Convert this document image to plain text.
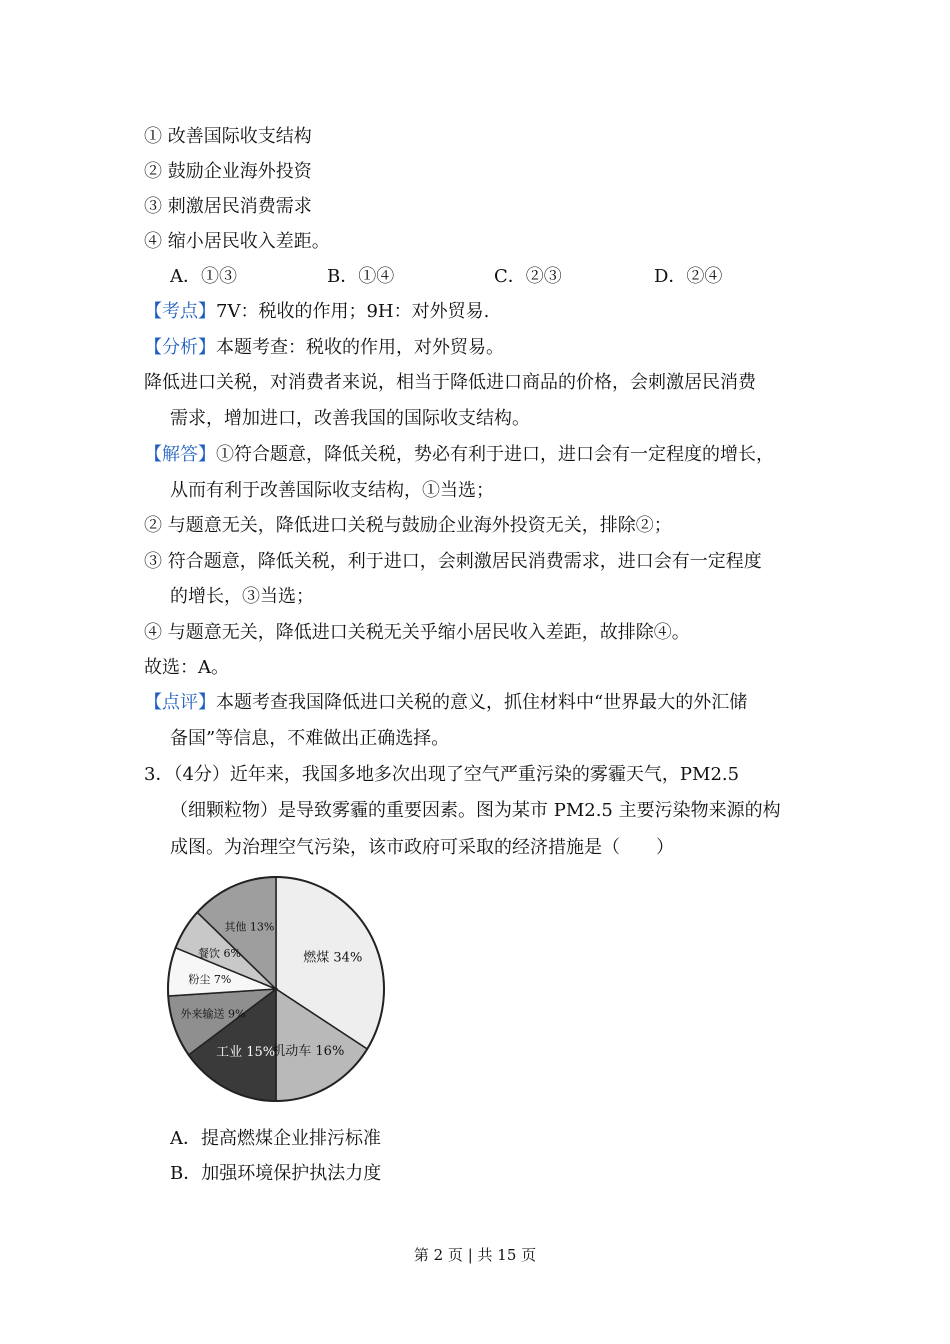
① 改善国际收支结构
② 鼓励企业海外投资
③ 刺激居民消费需求
④ 缩小居民收入差距。
A．①③	B．①④	C．②③	D．②④
【考点】7V：税收的作用；9H：对外贸易.
【分析】本题考查：税收的作用，对外贸易。
降低进口关税，对消费者来说，相当于降低进口商品的价格，会刺激居民消费
需求，增加进口，改善我国的国际收支结构。
【解答】①符合题意，降低关税，势必有利于进口，进口会有一定程度的增长，
从而有利于改善国际收支结构，①当选；
② 与题意无关，降低进口关税与鼓励企业海外投资无关，排除②；
③ 符合题意，降低关税，利于进口，会刺激居民消费需求，进口会有一定程度
的增长，③当选；
④ 与题意无关，降低进口关税无关乎缩小居民收入差距，故排除④。
故选：A。
【点评】本题考查我国降低进口关税的意义，抓住材料中“世界最大的外汇储
备国”等信息，不难做出正确选择。
3．（4分）近年来，我国多地多次出现了空气严重污染的雾霾天气，PM2.5
（细颗粒物）是导致雾霾的重要因素。图为某市 PM2.5 主要污染物来源的构
成图。为治理空气污染，该市政府可采取的经济措施是（　　）
燃煤 34%
机动车 16%
工业 15%
外来输送 9%
粉尘 7%
餐饮 6%
其他 13%
A．提高燃煤企业排污标准
B．加强环境保护执法力度
第 2 页 | 共 15 页
